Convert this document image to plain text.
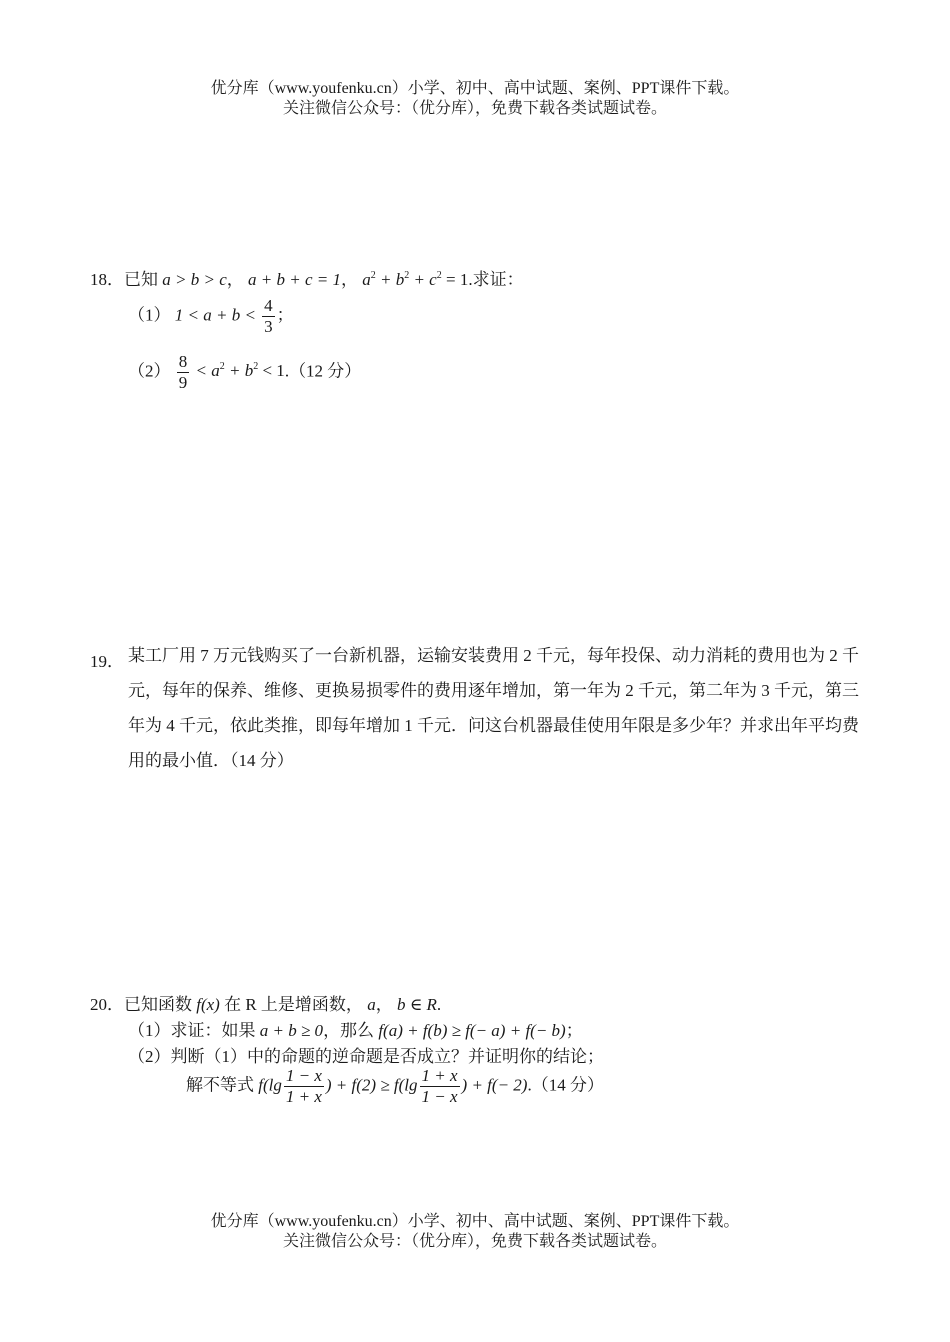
优分库（www.youfenku.cn）小学、初中、高中试题、案例、PPT课件下载。
关注微信公众号：（优分库），免费下载各类试题试卷。
18．已知 a > b > c， a + b + c = 1， $a^2 + b^2 + c^2 = 1$.求证：
（1） $1 < a + b < \frac{4}{3}$ ；
$(2) \frac{8}{9} < a^2 + b^2 < 1.(12$ 分）
19． 某工厂用 7 万元钱购买了一台新机器，运输安装费用 2 千元，每年投保、动力消耗的费用也为 2 千元，每年的保养、维修、更换易损零件的费用逐年增加，第一年为 2 千元，第二年为 3 千元，第三年为 4 千元，依此类推，即每年增加 1 千元．问这台机器最佳使用年限是多少年？并求出年平均费用的最小值．（14 分）
20．已知函数 f(x) 在 R 上是增函数， a， b ∈ R.
（1）求证：如果 a + b ≥ 0，那么 f(a) + f(b) ≥ f(− a) + f(− b)；
（2）判断（1）中的命题的逆命题是否成立？并证明你的结论；
解不等式 $f(\lg \frac{1 - x}{1 + x}$ ) + $f(2) \ge f(\lg \frac{1 + x}{1 - x}$ ) + f(− 2).（14 分）
优分库（www.youfenku.cn）小学、初中、高中试题、案例、PPT课件下载。
关注微信公众号：（优分库），免费下载各类试题试卷。
